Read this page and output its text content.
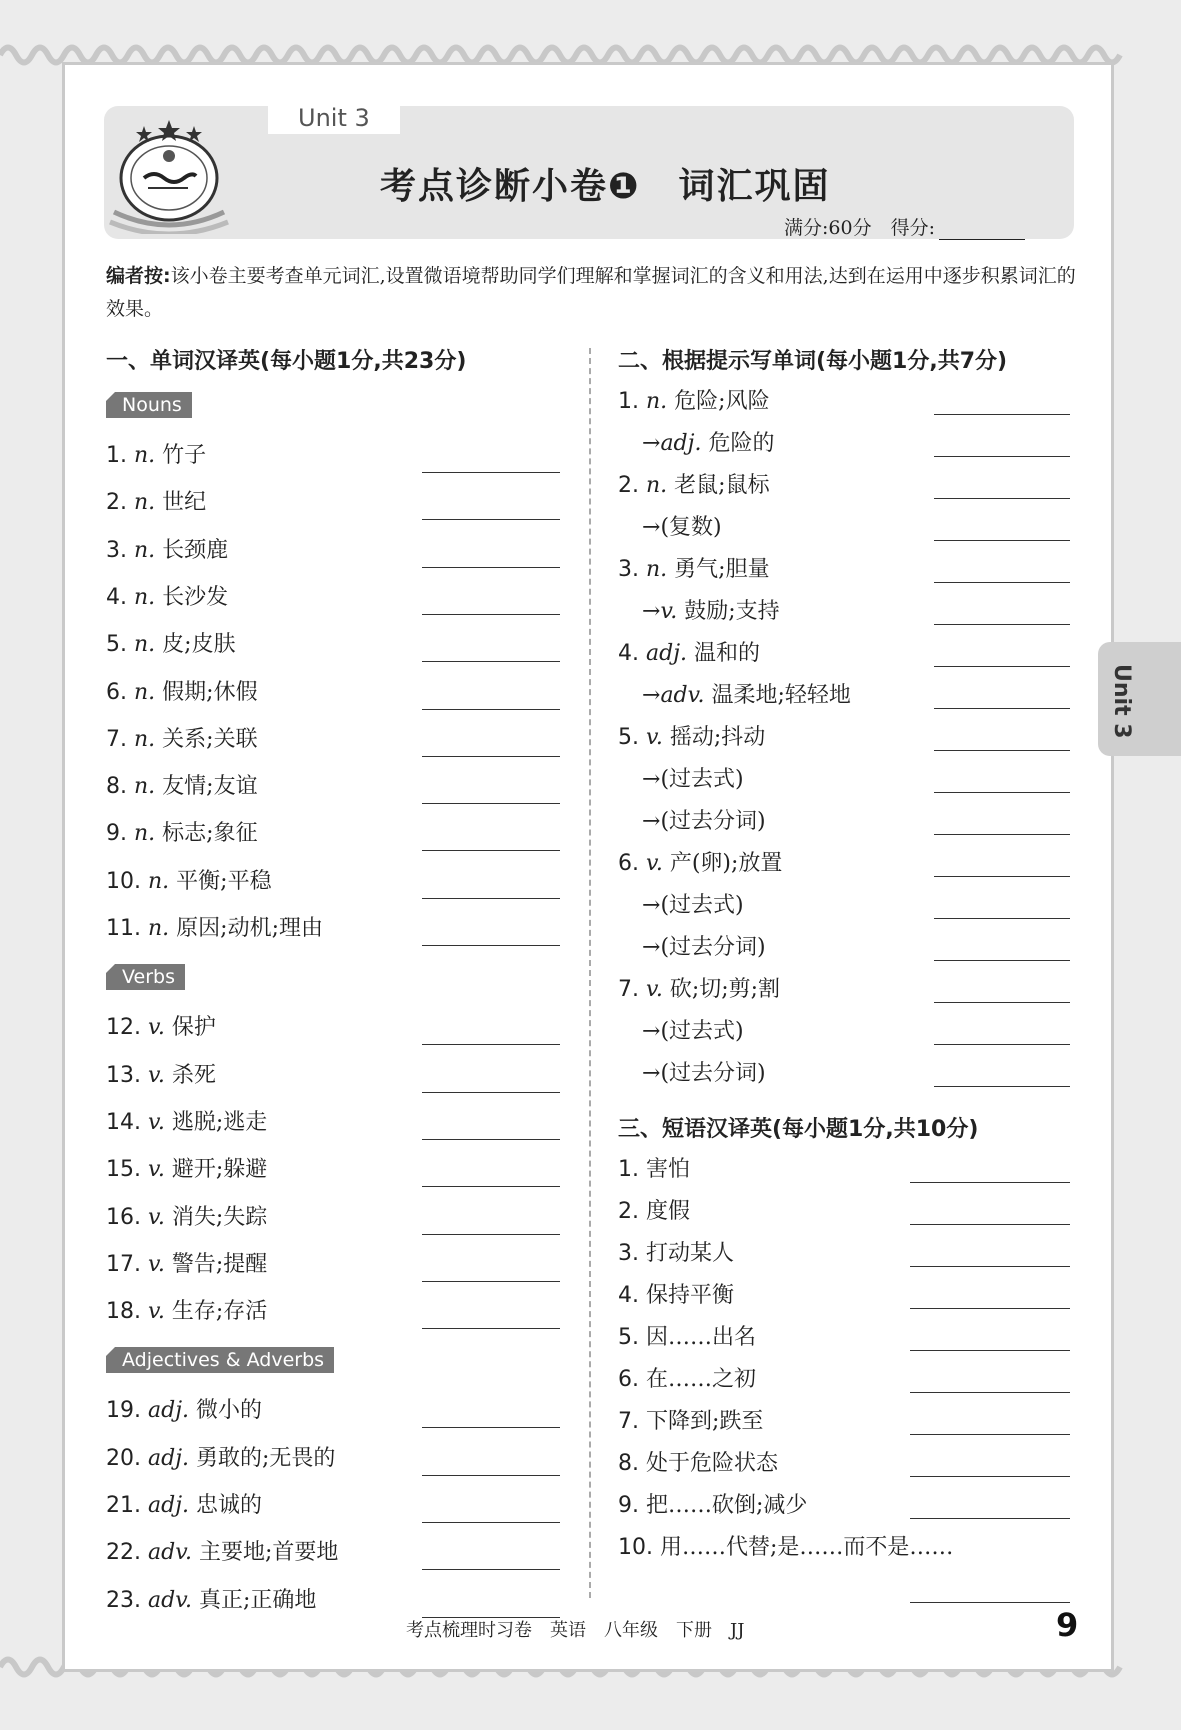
Unit 3
考点诊断小卷❶　词汇巩固
满分:60分　得分:
编者按:该小卷主要考查单元词汇,设置微语境帮助同学们理解和掌握词汇的含义和用法,达到在运用中逐步积累词汇的效果。
一、单词汉译英(每小题1分,共23分)
Nouns
1. n. 竹子
2. n. 世纪
3. n. 长颈鹿
4. n. 长沙发
5. n. 皮;皮肤
6. n. 假期;休假
7. n. 关系;关联
8. n. 友情;友谊
9. n. 标志;象征
10. n. 平衡;平稳
11. n. 原因;动机;理由
Verbs
12. v. 保护
13. v. 杀死
14. v. 逃脱;逃走
15. v. 避开;躲避
16. v. 消失;失踪
17. v. 警告;提醒
18. v. 生存;存活
Adjectives & Adverbs
19. adj. 微小的
20. adj. 勇敢的;无畏的
21. adj. 忠诚的
22. adv. 主要地;首要地
23. adv. 真正;正确地
二、根据提示写单词(每小题1分,共7分)
1. n. 危险;风险
→adj. 危险的
2. n. 老鼠;鼠标
→(复数)
3. n. 勇气;胆量
→v. 鼓励;支持
4. adj. 温和的
→adv. 温柔地;轻轻地
5. v. 摇动;抖动
→(过去式)
→(过去分词)
6. v. 产(卵);放置
→(过去式)
→(过去分词)
7. v. 砍;切;剪;割
→(过去式)
→(过去分词)
三、短语汉译英(每小题1分,共10分)
1. 害怕
2. 度假
3. 打动某人
4. 保持平衡
5. 因……出名
6. 在……之初
7. 下降到;跌至
8. 处于危险状态
9. 把……砍倒;减少
10. 用……代替;是……而不是……
Unit 3
考点梳理时习卷　英语　八年级　下册　JJ	9
